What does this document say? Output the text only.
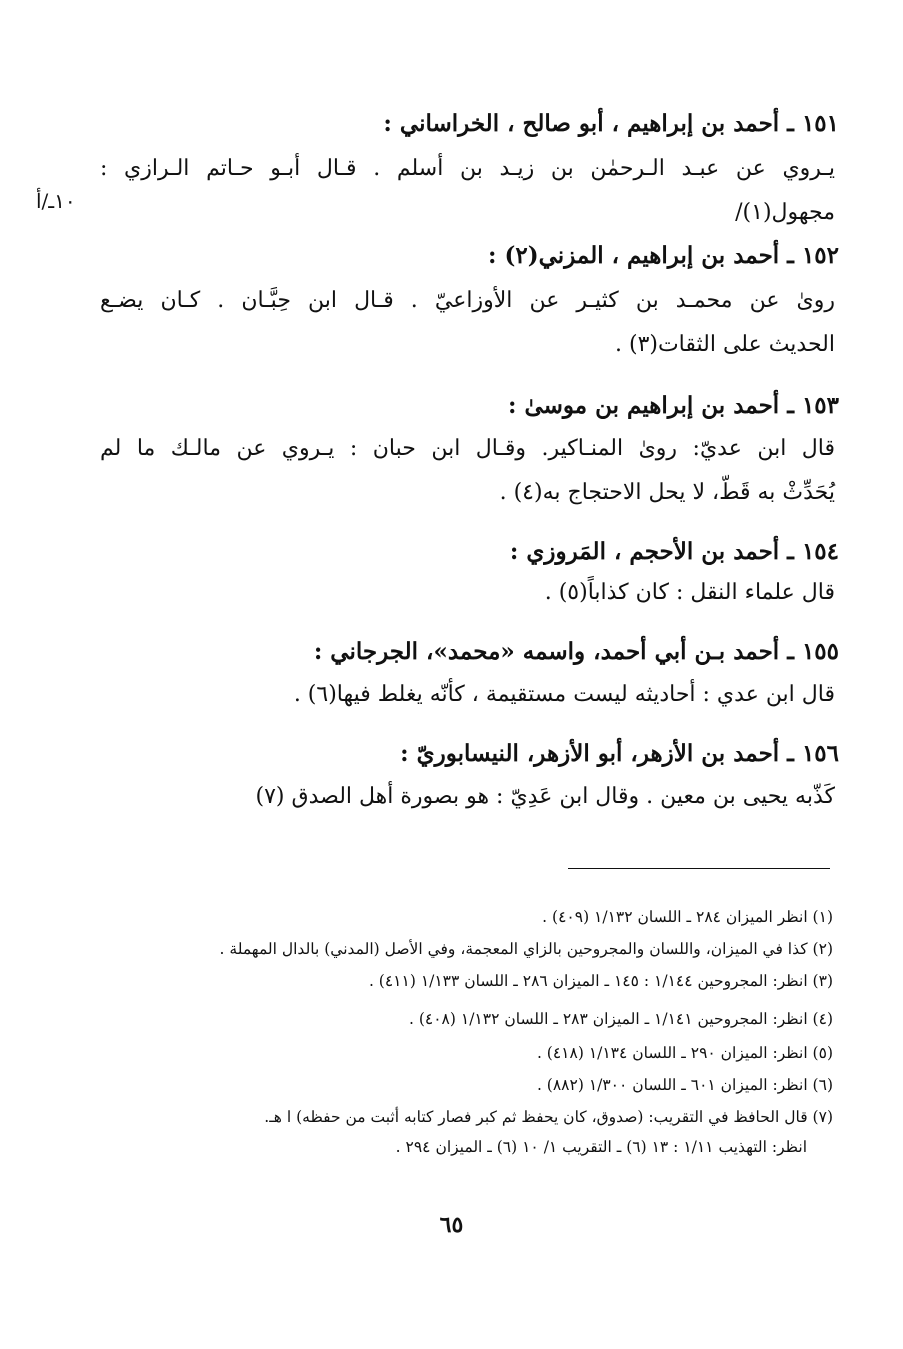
١٥١ ـ أحمد بن إبراهيم ، أبو صالح ، الخراساني :
يـروي عن عبـد الـرحمٰن بن زيـد بن أسلم . قـال أبـو حـاتم الـرازي :
مجهول(١)/
١٠ـ/أ
١٥٢ ـ أحمد بن إبراهيم ، المزني(٢) :
روىٰ عن محمـد بن كثيـر عن الأوزاعيّ . قـال ابن حِبَّـان . كـان يضـع
الحديث على الثقات(٣) .
١٥٣ ـ أحمد بن إبراهيم بن موسىٰ :
قال ابن عديّ: روىٰ المنـاكير. وقـال ابن حبان : يـروي عن مالـك ما لم
يُحَدِّثْ به قَطّ، لا يحل الاحتجاج به(٤) .
١٥٤ ـ أحمد بن الأحجم ، المَروزي :
قال علماء النقل : كان كذاباً(٥) .
١٥٥ ـ أحمد بـن أبي أحمد، واسمه «محمد»، الجرجاني :
قال ابن عدي : أحاديثه ليست مستقيمة ، كأنّه يغلط فيها(٦) .
١٥٦ ـ أحمد بن الأزهر، أبو الأزهر، النيسابوريّ :
كَذّبه يحيى بن معين . وقال ابن عَدِيّ : هو بصورة أهل الصدق (٧)
(١) انظر الميزان ٢٨٤ ـ اللسان ١/١٣٢ (٤٠٩) .
(٢) كذا في الميزان، واللسان والمجروحين بالزاي المعجمة، وفي الأصل (المدني) بالدال المهملة .
(٣) انظر: المجروحين ١/١٤٤ : ١٤٥ ـ الميزان ٢٨٦ ـ اللسان ١/١٣٣ (٤١١) .
(٤) انظر: المجروحين ١/١٤١ ـ الميزان ٢٨٣ ـ اللسان ١/١٣٢ (٤٠٨) .
(٥) انظر: الميزان ٢٩٠ ـ اللسان ١/١٣٤ (٤١٨) .
(٦) انظر: الميزان ٦٠١ ـ اللسان ١/٣٠٠ (٨٨٢) .
(٧) قال الحافظ في التقريب: (صدوق، كان يحفظ ثم كبر فصار كتابه أثبت من حفظه) ا هـ.
انظر: التهذيب ١/١١ : ١٣ (٦) ـ التقريب ١/ ١٠ (٦) ـ الميزان ٢٩٤ .
٦٥
